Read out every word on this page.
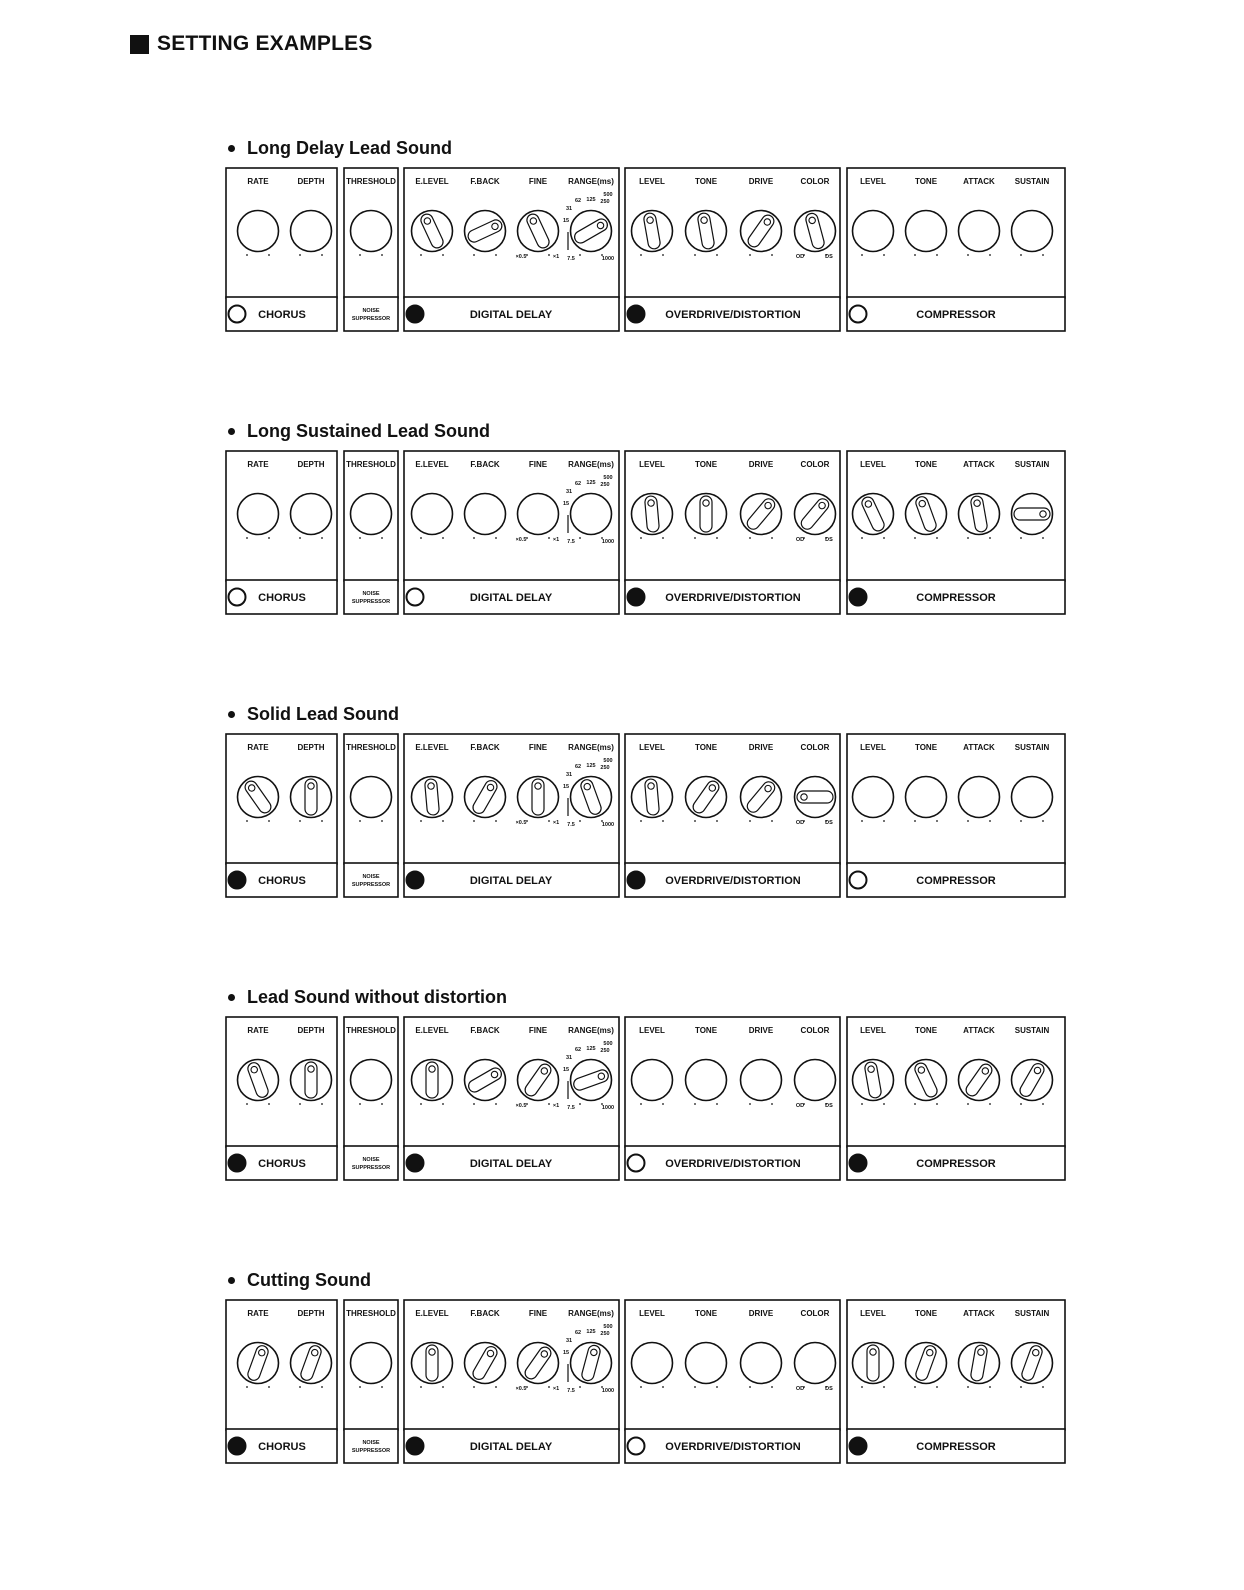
SETTING EXAMPLES
Long Delay Lead Sound
RATE	DEPTH	THRESHOLD E.LEVEL	F.BACK	FINE	RANGE(ms)	LEVEL	TONE	DRIVE	COLOR	LEVEL	TONE	ATTACK SUSTAIN
×0.5	×1 7.5
15
31
62 125 250
500
1000	OD	DS
CHORUS	NOISE
SUPPRESSOR	DIGITAL DELAY	OVERDRIVE/DISTORTION	COMPRESSOR
Long Sustained Lead Sound
RATE	DEPTH	THRESHOLD E.LEVEL	F.BACK	FINE	RANGE(ms)	LEVEL	TONE	DRIVE	COLOR	LEVEL	TONE	ATTACK SUSTAIN
×0.5	×1 7.5
15
31
62 125 250
500
1000	OD	DS
CHORUS	NOISE
SUPPRESSOR	DIGITAL DELAY	OVERDRIVE/DISTORTION	COMPRESSOR
Solid Lead Sound
RATE	DEPTH	THRESHOLD E.LEVEL	F.BACK	FINE	RANGE(ms)	LEVEL	TONE	DRIVE	COLOR	LEVEL	TONE	ATTACK SUSTAIN
×0.5	×1 7.5
15
31
62 125 250
500
1000	OD	DS
CHORUS	NOISE
SUPPRESSOR	DIGITAL DELAY	OVERDRIVE/DISTORTION	COMPRESSOR
Lead Sound without distortion
RATE	DEPTH	THRESHOLD E.LEVEL	F.BACK	FINE	RANGE(ms)	LEVEL	TONE	DRIVE	COLOR	LEVEL	TONE	ATTACK SUSTAIN
×0.5	×1 7.5
15
31
62 125 250
500
1000	OD	DS
CHORUS	NOISE
SUPPRESSOR	DIGITAL DELAY	OVERDRIVE/DISTORTION	COMPRESSOR
Cutting Sound
RATE	DEPTH	THRESHOLD E.LEVEL	F.BACK	FINE	RANGE(ms)	LEVEL	TONE	DRIVE	COLOR	LEVEL	TONE	ATTACK SUSTAIN
×0.5	×1 7.5
15
31
62 125 250
500
1000	OD	DS
CHORUS	NOISE
SUPPRESSOR	DIGITAL DELAY	OVERDRIVE/DISTORTION	COMPRESSOR
